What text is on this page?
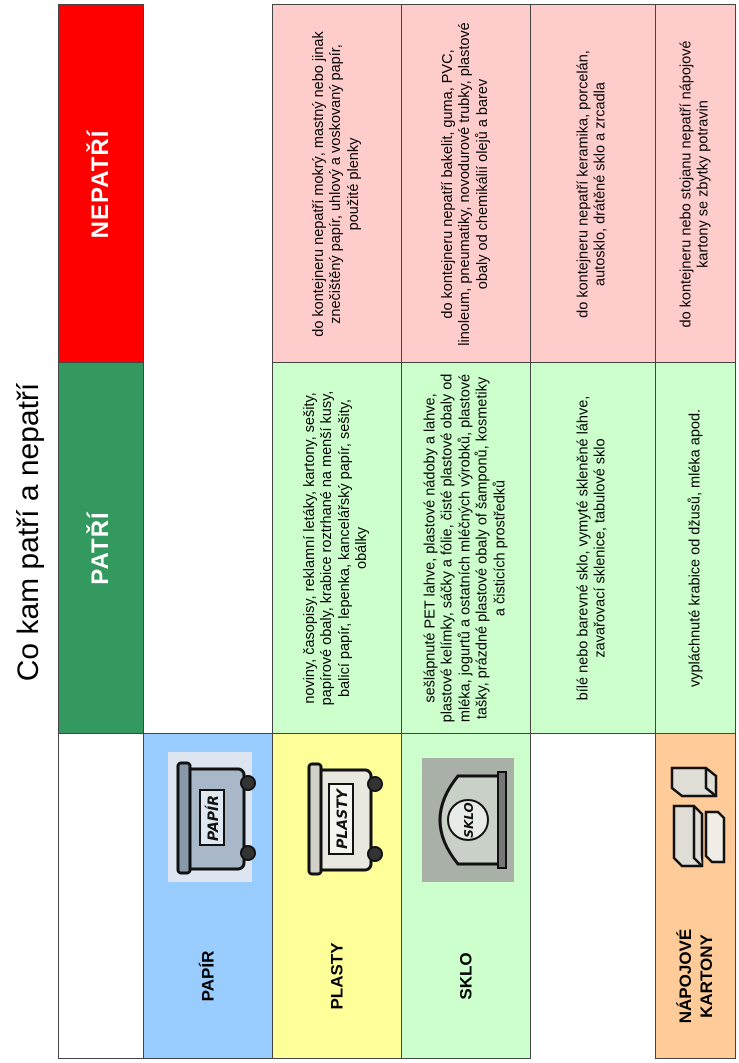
Co kam patří a nepatří PATŘÍ
NEPATŘÍ
PAPÍR
PAPÍR
noviny, časopisy, reklamní letáky, kartony, sešity, papírové obaly, krabice roztrhané na menší kusy, balicí papír, lepenka, kancelářský papír, sešity, obálky
do kontejneru nepatří mokrý, mastný nebo jinak znečištěný papír, uhlový a voskovaný papír, použité plenky
PLASTY
PLASTY
sešlápnuté PET lahve, plastové nádoby a lahve, plastové kelímky, sáčky a fólie, čisté plastové obaly od mléka, jogurtů a ostatních mléčných výrobků, plastové tašky, prázdné plastové obaly of šamponů, kosmetiky a čisticích prostředků
do kontejneru nepatří bakelit, guma, PVC, linoleum, pneumatiky, novodurové trubky, plastové obaly od chemikálií olejů a barev
SKLO
SKLO
bílé nebo barevné sklo, vymyté skleněné láhve, zavařovací sklenice, tabulové sklo
do kontejneru nepatří keramika, porcelán, autosklo, drátěné sklo a zrcadla
NÁPOJOVÉ
KARTONY
vypláchnuté krabice od džusů, mléka apod.
do kontejneru nebo stojanu nepatří nápojové kartony se zbytky potravin
